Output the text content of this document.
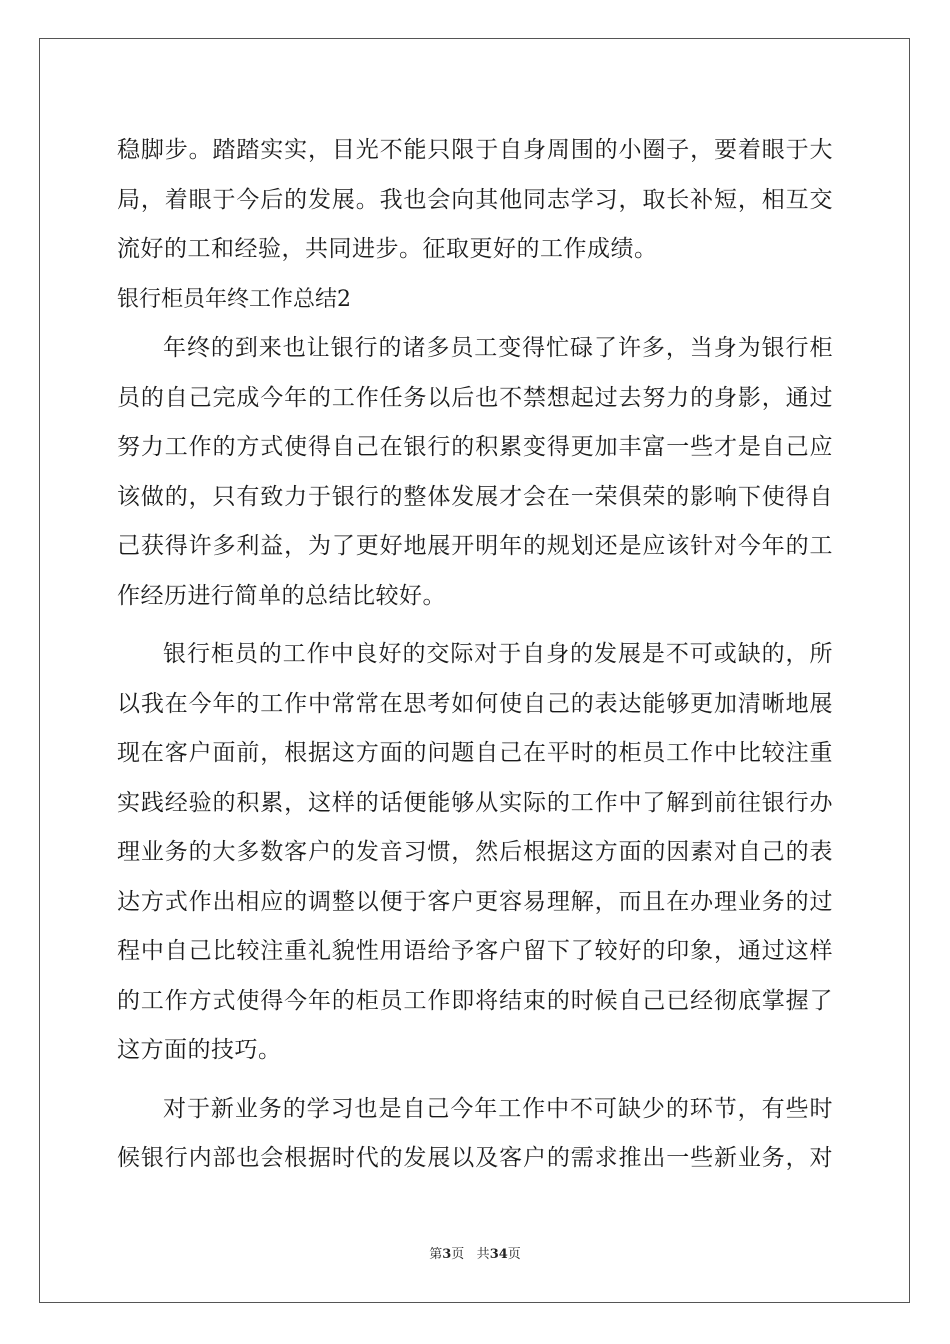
稳脚步。踏踏实实，目光不能只限于自身周围的小圈子，要着眼于大
局，着眼于今后的发展。我也会向其他同志学习，取长补短，相互交
流好的工和经验，共同进步。征取更好的工作成绩。
银行柜员年终工作总结2
年终的到来也让银行的诸多员工变得忙碌了许多，当身为银行柜
员的自己完成今年的工作任务以后也不禁想起过去努力的身影，通过
努力工作的方式使得自己在银行的积累变得更加丰富一些才是自己应
该做的，只有致力于银行的整体发展才会在一荣俱荣的影响下使得自
己获得许多利益，为了更好地展开明年的规划还是应该针对今年的工
作经历进行简单的总结比较好。
银行柜员的工作中良好的交际对于自身的发展是不可或缺的，所
以我在今年的工作中常常在思考如何使自己的表达能够更加清晰地展
现在客户面前，根据这方面的问题自己在平时的柜员工作中比较注重
实践经验的积累，这样的话便能够从实际的工作中了解到前往银行办
理业务的大多数客户的发音习惯，然后根据这方面的因素对自己的表
达方式作出相应的调整以便于客户更容易理解，而且在办理业务的过
程中自己比较注重礼貌性用语给予客户留下了较好的印象，通过这样
的工作方式使得今年的柜员工作即将结束的时候自己已经彻底掌握了
这方面的技巧。
对于新业务的学习也是自己今年工作中不可缺少的环节，有些时
候银行内部也会根据时代的发展以及客户的需求推出一些新业务，对
第3页 共34页
